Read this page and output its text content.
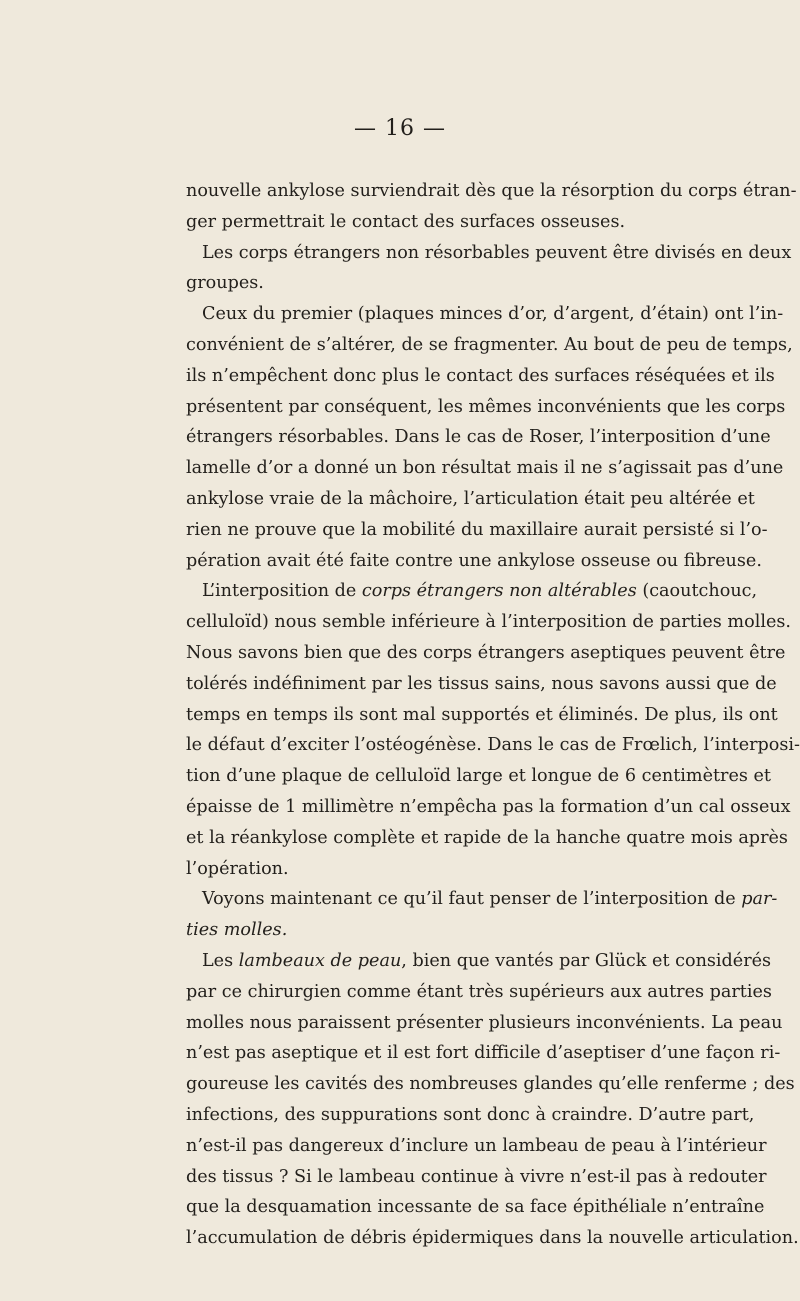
— 16 —
nouvelle ankylose surviendrait dès que la résorption du corps étran-
ger permettrait le contact des surfaces osseuses.
Les corps étrangers non résorbables peuvent être divisés en deux
groupes.
Ceux du premier (plaques minces d’or, d’argent, d’étain) ont l’in-
convénient de s’altérer, de se fragmenter. Au bout de peu de temps,
ils n’empêchent donc plus le contact des surfaces réséquées et ils
présentent par conséquent, les mêmes inconvénients que les corps
étrangers résorbables. Dans le cas de Roser, l’interposition d’une
lamelle d’or a donné un bon résultat mais il ne s’agissait pas d’une
ankylose vraie de la mâchoire, l’articulation était peu altérée et
rien ne prouve que la mobilité du maxillaire aurait persisté si l’o-
pération avait été faite contre une ankylose osseuse ou fibreuse.
L’interposition de corps étrangers non altérables (caoutchouc,
celluloïd) nous semble inférieure à l’interposition de parties molles.
Nous savons bien que des corps étrangers aseptiques peuvent être
tolérés indéfiniment par les tissus sains, nous savons aussi que de
temps en temps ils sont mal supportés et éliminés. De plus, ils ont
le défaut d’exciter l’ostéogénèse. Dans le cas de Frœlich, l’interposi-
tion d’une plaque de celluloïd large et longue de 6 centimètres et
épaisse de 1 millimètre n’empêcha pas la formation d’un cal osseux
et la réankylose complète et rapide de la hanche quatre mois après
l’opération.
Voyons maintenant ce qu’il faut penser de l’interposition de par-
ties molles.
Les lambeaux de peau, bien que vantés par Glück et considérés
par ce chirurgien comme étant très supérieurs aux autres parties
molles nous paraissent présenter plusieurs inconvénients. La peau
n’est pas aseptique et il est fort difficile d’aseptiser d’une façon ri-
goureuse les cavités des nombreuses glandes qu’elle renferme ; des
infections, des suppurations sont donc à craindre. D’autre part,
n’est-il pas dangereux d’inclure un lambeau de peau à l’intérieur
des tissus ? Si le lambeau continue à vivre n’est-il pas à redouter
que la desquamation incessante de sa face épithéliale n’entraîne
l’accumulation de débris épidermiques dans la nouvelle articulation.
